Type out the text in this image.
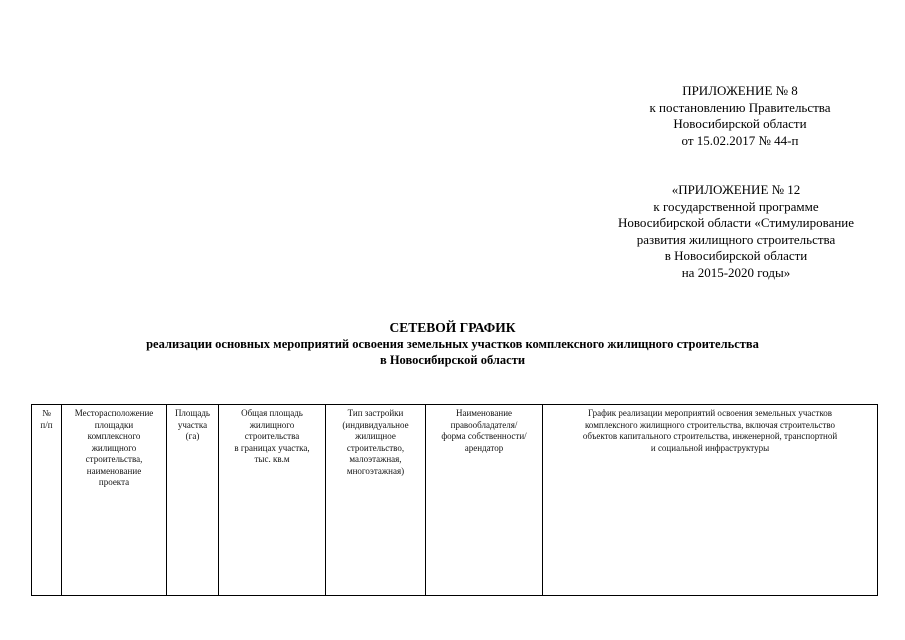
ПРИЛОЖЕНИЕ № 8
к постановлению Правительства
Новосибирской области
от 15.02.2017 № 44-п
«ПРИЛОЖЕНИЕ № 12
к государственной программе
Новосибирской области «Стимулирование
развития жилищного строительства
в Новосибирской области
на 2015-2020 годы»
СЕТЕВОЙ ГРАФИК
реализации основных мероприятий освоения земельных участков комплексного жилищного строительства
в Новосибирской области
№
п/п

Месторасположение
площадки
комплексного
жилищного
строительства,
наименование
проекта

Площадь
участка
(га)

Общая площадь
жилищного
строительства
в границах участка,
тыс. кв.м

Тип застройки
(индивидуальное
жилищное
строительство,
малоэтажная,
многоэтажная)

Наименование
правообладателя/
форма собственности/
арендатор

График реализации мероприятий освоения земельных участков
комплексного жилищного строительства, включая строительство
объектов капитального строительства, инженерной, транспортной
и социальной инфраструктуры
